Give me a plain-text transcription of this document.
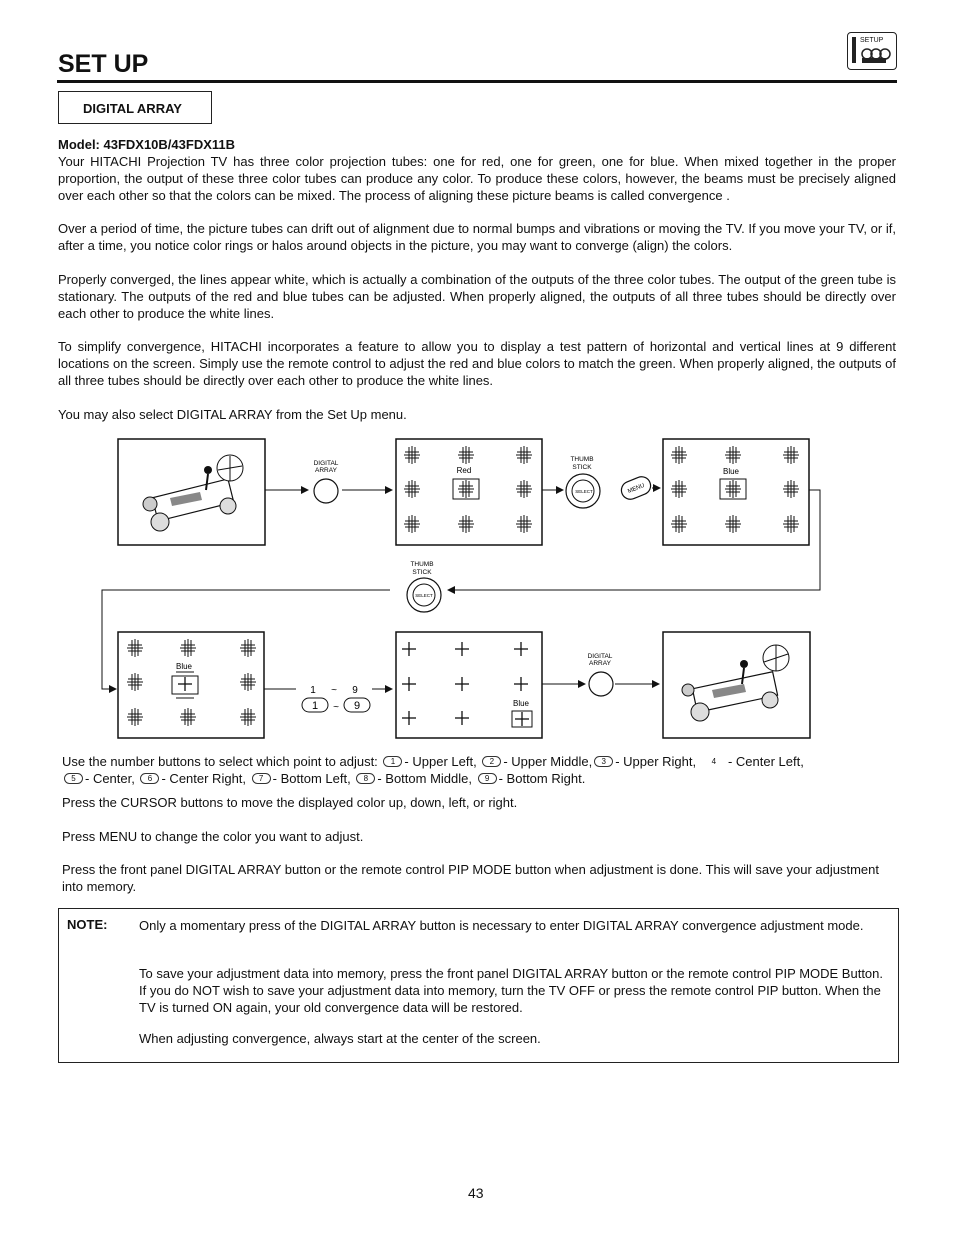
SET UP
SETUP
DIGITAL ARRAY
Model: 43FDX10B/43FDX11B
Your HITACHI Projection TV has three color projection tubes: one for red, one for green, one for blue. When mixed together in the proper proportion, the output of these three color tubes can produce any color. To produce these colors, however, the beams must be precisely aligned over each other so that the colors can be mixed. The process of aligning these picture beams is called convergence .
Over a period of time, the picture tubes can drift out of alignment due to normal bumps and vibrations or moving the TV. If you move your TV, or if, after a time, you notice color rings or halos around objects in the picture, you may want to converge (align) the colors.
Properly converged, the lines appear white, which is actually a combination of the outputs of the three color tubes. The output of the green tube is stationary. The outputs of the red and blue tubes can be adjusted. When properly aligned, the outputs of all three tubes should be directly over each other to produce the white lines.
To simplify convergence, HITACHI incorporates a feature to allow you to display a test pattern of horizontal and vertical lines at 9 different locations on the screen. Simply use the remote control to adjust the red and blue colors to match the green. When properly aligned, the outputs of all three tubes should be directly over each other to produce the white lines.
You may also select DIGITAL ARRAY from the Set Up menu.
DIGITAL
ARRAY	Red
THUMB
STICK
SELECT	MENU
Blue
THUMB
STICK
SELECT
Blue
1 ~ 9
1 ~ 9	Blue
DIGITAL
ARRAY
Use the number buttons to select which point to adjust: 1 - Upper Left, 2 - Upper Middle, 3 - Upper Right, 4 - Center Left,
5 - Center, 6 - Center Right, 7 - Bottom Left, 8 - Bottom Middle, 9 - Bottom Right.
Press the CURSOR buttons to move the displayed color up, down, left, or right.
Press MENU to change the color you want to adjust.
Press the front panel DIGITAL ARRAY button or the remote control PIP MODE button when adjustment is done. This will save your adjustment into memory.
NOTE: Only a momentary press of the DIGITAL ARRAY button is necessary to enter DIGITAL ARRAY convergence adjustment mode.
To save your adjustment data into memory, press the front panel DIGITAL ARRAY button or the remote control PIP MODE Button. If you do NOT wish to save your adjustment data into memory, turn the TV OFF or press the remote control PIP button. When the TV is turned ON again, your old convergence data will be restored.
When adjusting convergence, always start at the center of the screen.
43
